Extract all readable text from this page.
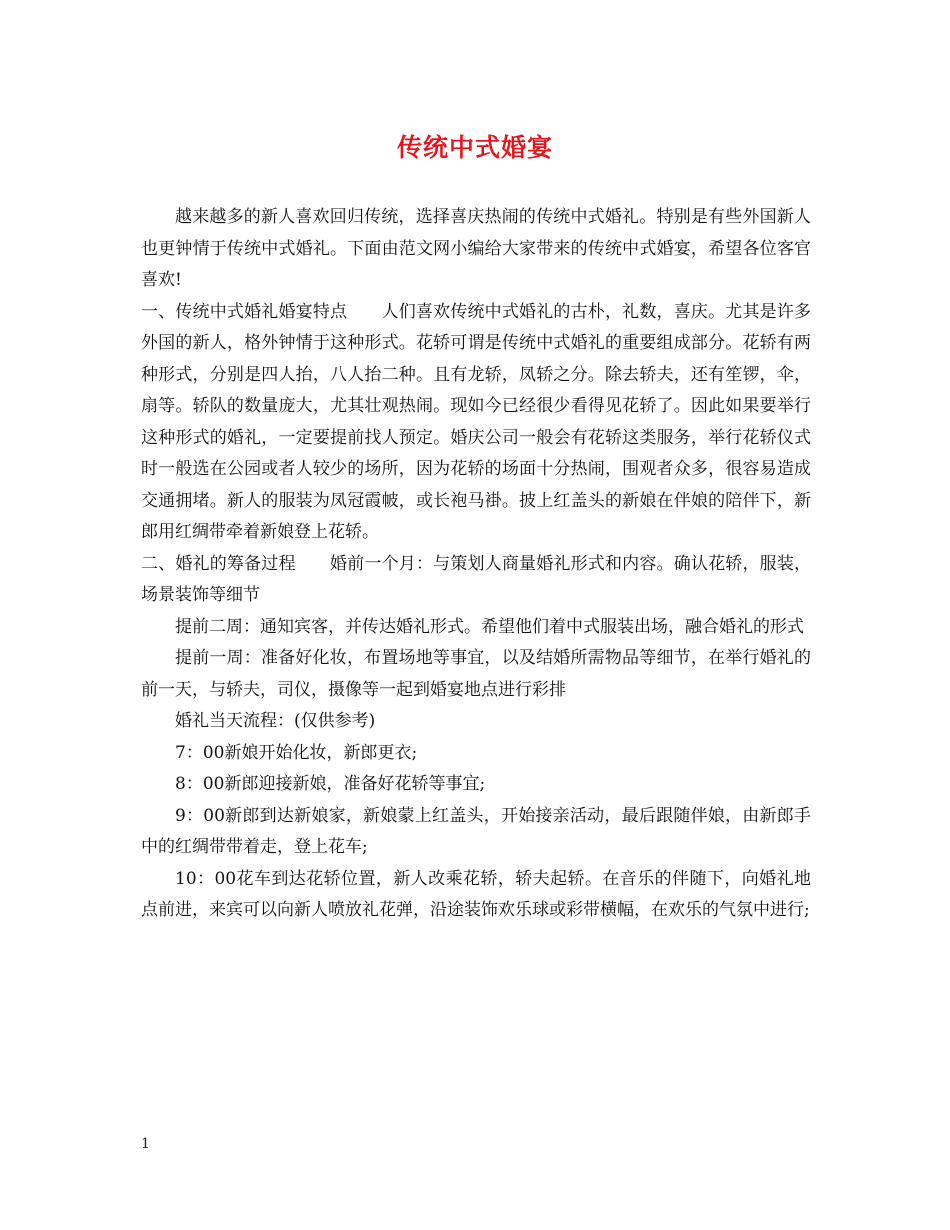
传统中式婚宴

越来越多的新人喜欢回归传统，选择喜庆热闹的传统中式婚礼。特别是有些外国新人也更钟情于传统中式婚礼。下面由范文网小编给大家带来的传统中式婚宴，希望各位客官喜欢!

一、传统中式婚礼婚宴特点　　人们喜欢传统中式婚礼的古朴，礼数，喜庆。尤其是许多外国的新人，格外钟情于这种形式。花轿可谓是传统中式婚礼的重要组成部分。花轿有两种形式，分别是四人抬，八人抬二种。且有龙轿，凤轿之分。除去轿夫，还有笙锣，伞，扇等。轿队的数量庞大，尤其壮观热闹。现如今已经很少看得见花轿了。因此如果要举行这种形式的婚礼，一定要提前找人预定。婚庆公司一般会有花轿这类服务，举行花轿仪式时一般选在公园或者人较少的场所，因为花轿的场面十分热闹，围观者众多，很容易造成交通拥堵。新人的服装为凤冠霞帔，或长袍马褂。披上红盖头的新娘在伴娘的陪伴下，新郎用红绸带牵着新娘登上花轿。

二、婚礼的筹备过程　　婚前一个月：与策划人商量婚礼形式和内容。确认花轿，服装，场景装饰等细节

提前二周：通知宾客，并传达婚礼形式。希望他们着中式服装出场，融合婚礼的形式

提前一周：准备好化妆，布置场地等事宜，以及结婚所需物品等细节，在举行婚礼的前一天，与轿夫，司仪，摄像等一起到婚宴地点进行彩排

婚礼当天流程：(仅供参考)

7：00新娘开始化妆，新郎更衣;

8：00新郎迎接新娘，准备好花轿等事宜;

9：00新郎到达新娘家，新娘蒙上红盖头，开始接亲活动，最后跟随伴娘，由新郎手中的红绸带带着走，登上花车;

10：00花车到达花轿位置，新人改乘花轿，轿夫起轿。在音乐的伴随下，向婚礼地点前进，来宾可以向新人喷放礼花弹，沿途装饰欢乐球或彩带横幅，在欢乐的气氛中进行;

1
